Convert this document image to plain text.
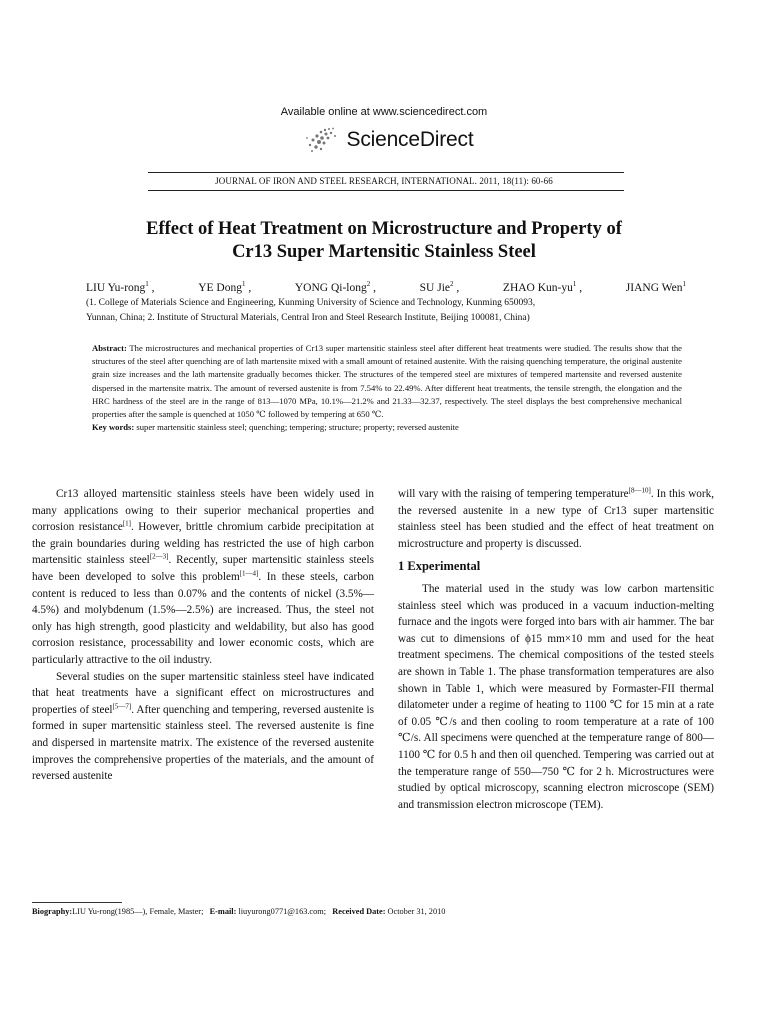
Available online at www.sciencedirect.com
ScienceDirect
JOURNAL OF IRON AND STEEL RESEARCH, INTERNATIONAL. 2011, 18(11): 60-66
Effect of Heat Treatment on Microstructure and Property of
Cr13 Super Martensitic Stainless Steel
LIU Yu-rong$^1$ ,	YE Dong$^1$ ,	YONG Qi-long$^2$ ,	SU Jie$^2$ ,	ZHAO Kun-$yu^1$ ,	JIANG Wen$^1$
(1. College of Materials Science and Engineering, Kunming University of Science and Technology, Kunming 650093,
Yunnan, China; 2. Institute of Structural Materials, Central Iron and Steel Research Institute, Beijing 100081, China)
Abstract: The microstructures and mechanical properties of Cr13 super martensitic stainless steel after different heat treatments were studied. The results show that the structures of the steel after quenching are of lath martensite mixed with a small amount of retained austenite. With the raising quenching temperature, the original austenite grain size increases and the lath martensite gradually becomes thicker. The structures of the tempered steel are mixtures of tempered martensite and reversed austenite dispersed in the martensite matrix. The amount of reversed austenite is from 7.54% to 22.49%. After different heat treatments, the tensile strength, the elongation and the HRC hardness of the steel are in the range of 813—1070 MPa, 10.1%—21.2% and 21.33—32.37, respectively. The steel displays the best comprehensive mechanical properties after the sample is quenched at 1050 ℃ followed by tempering at 650 ℃.
Key words: super martensitic stainless steel; quenching; tempering; structure; property; reversed austenite

Cr13 alloyed martensitic stainless steels have been widely used in many applications owing to their superior mechanical properties and corrosion resistance[1]. However, brittle chromium carbide precipitation at the grain boundaries during welding has restricted the use of high carbon martensitic stainless steel[2—3]. Recently, super martensitic stainless steels have been developed to solve this problem[1—4]. In these steels, carbon content is reduced to less than 0.07% and the contents of nickel (3.5%—4.5%) and molybdenum (1.5%—2.5%) are increased. Thus, the steel not only has high strength, good plasticity and weldability, but also has good corrosion resistance, processability and lower economic costs, which are particularly attractive to the oil industry.

Several studies on the super martensitic stainless steel have indicated that heat treatments have a significant effect on microstructures and properties of steel[5—7]. After quenching and tempering, reversed austenite is formed in super martensitic stainless steel. The reversed austenite is fine and dispersed in martensite matrix. The existence of the reversed austenite improves the comprehensive properties of the materials, and the amount of reversed austenite

will vary with the raising of tempering temperature[8—10]. In this work, the reversed austenite in a new type of Cr13 super martensitic stainless steel has been studied and the effect of heat treatment on microstructure and property is discussed.

1 Experimental

The material used in the study was low carbon martensitic stainless steel which was produced in a vacuum induction-melting furnace and the ingots were forged into bars with air hammer. The bar was cut to dimensions of ϕ15 mm×10 mm and used for the heat treatment specimens. The chemical compositions of the tested steels are shown in Table 1. The phase transformation temperatures are also shown in Table 1, which were measured by Formaster-FII thermal dilatometer under a regime of heating to 1100 ℃ for 15 min at a rate of 0.05 ℃/s and then cooling to room temperature at a rate of 100 ℃/s. All specimens were quenched at the temperature range of 800—1100 ℃ for 0.5 h and then oil quenched. Tempering was carried out at the temperature range of 550—750 ℃ for 2 h. Microstructures were studied by optical microscopy, scanning electron microscope (SEM) and transmission electron microscope (TEM).

Biography:LIU Yu-rong(1985—), Female, Master; E-mail: liuyurong0771@163.com; Received Date: October 31, 2010
